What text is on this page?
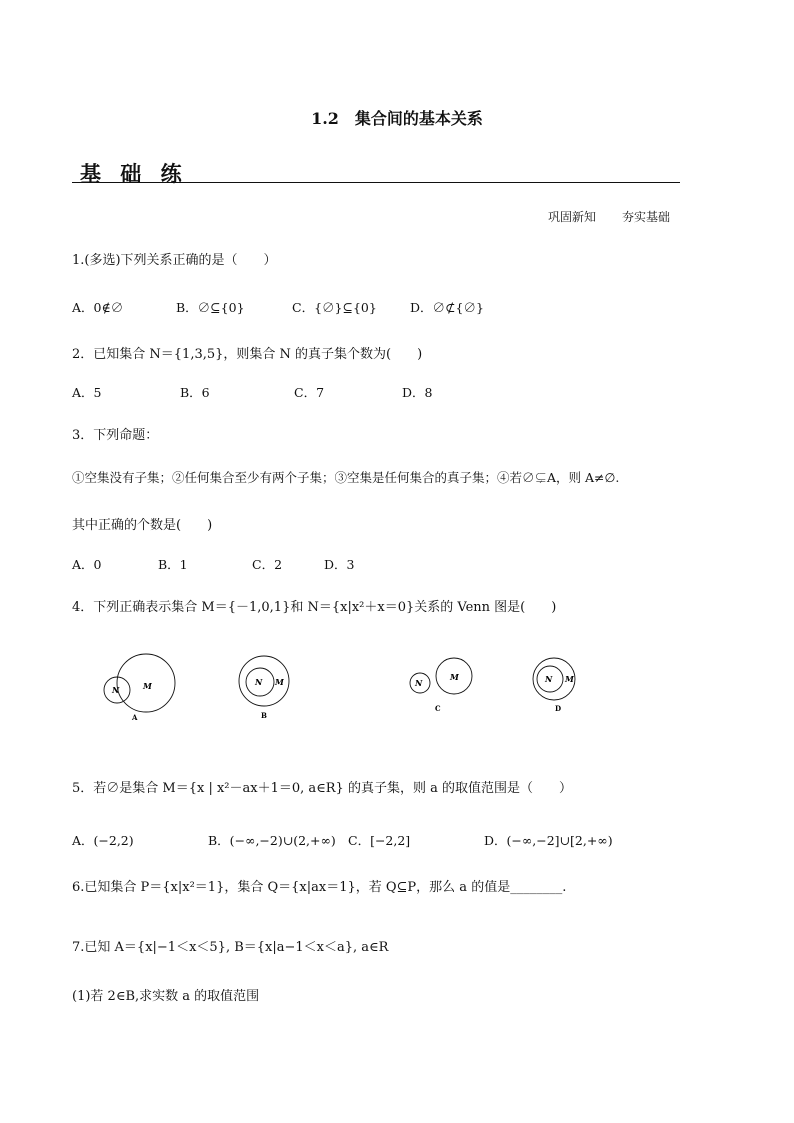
1.2　集合间的基本关系
基 础 练
巩固新知 夯实基础
1.(多选)下列关系正确的是（　　）
A．0∉∅	B．∅⊆{0}	C．{∅}⊆{0}	D．∅⊄{∅}
2．已知集合 N＝{1,3,5}，则集合 N 的真子集个数为(　　)
A．5	B．6	C．7	D．8
3．下列命题：
①空集没有子集；②任何集合至少有两个子集；③空集是任何集合的真子集；④若∅⊊A，则 A≠∅.
其中正确的个数是(　　)
A．0	B．1	C．2	D．3
4．下列正确表示集合 M＝{－1,0,1}和 N＝{x|x²＋x＝0}关系的 Venn 图是(　　)
M
N
A
M
N
B
M
N
C
M
N
D
5．若∅是集合 M＝{x | x²－ax＋1＝0, a∈R} 的真子集，则 a 的取值范围是（　　）
A．(−2,2)	B．(−∞,−2)∪(2,+∞) C．[−2,2]	D．(−∞,−2]∪[2,+∞)
6.已知集合 P＝{x|x²＝1}，集合 Q＝{x|ax＝1}，若 Q⊆P，那么 a 的值是________.
7.已知 A＝{x|−1＜x＜5}, B＝{x|a−1＜x＜a}, a∈R
(1)若 2∈B,求实数 a 的取值范围
